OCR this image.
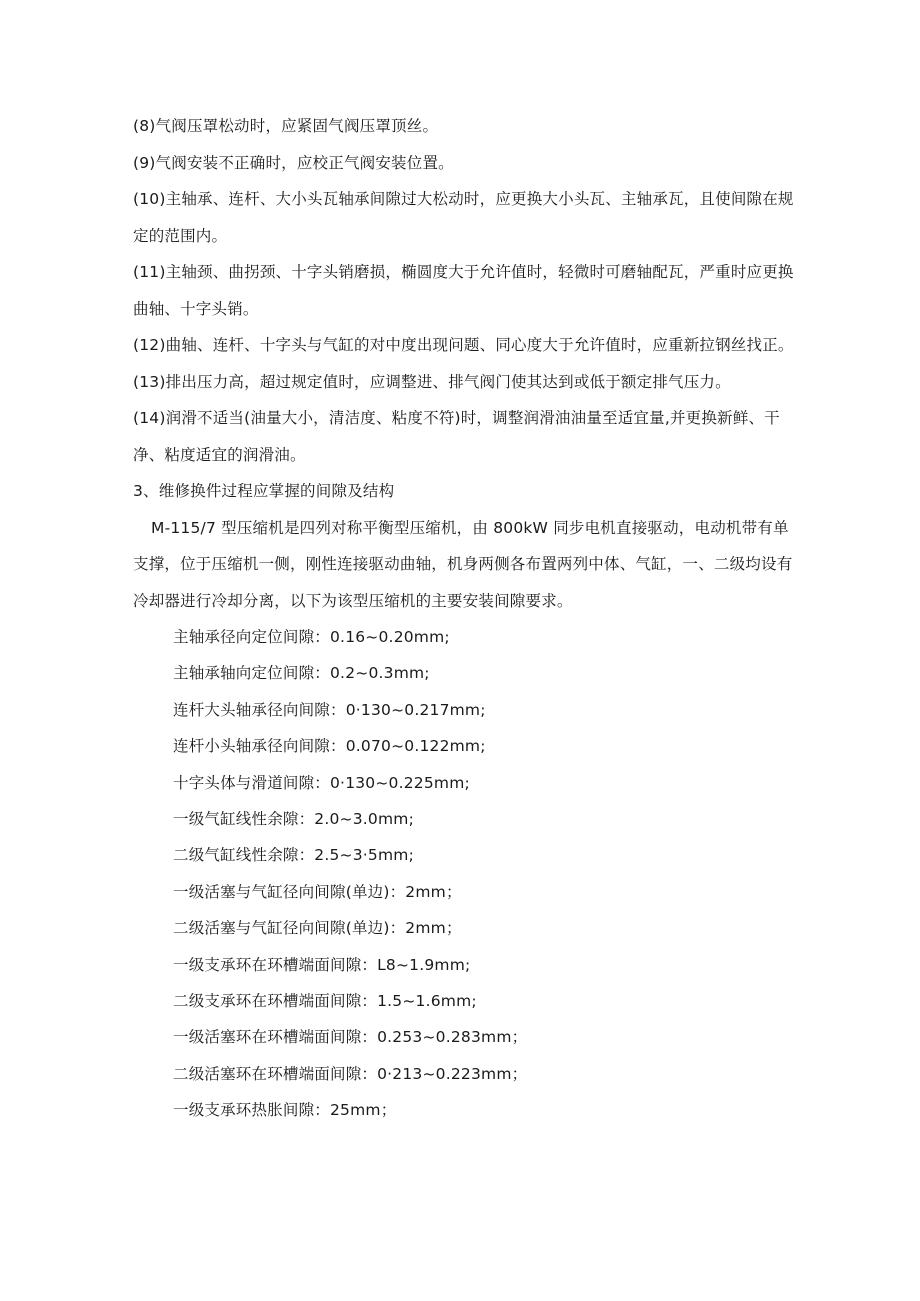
(8)气阀压罩松动时，应紧固气阀压罩顶丝。

(9)气阀安装不正确时，应校正气阀安装位置。

(10)主轴承、连杆、大小头瓦轴承间隙过大松动时，应更换大小头瓦、主轴承瓦，且使间隙在规定的范围内。

(11)主轴颈、曲拐颈、十字头销磨损，椭圆度大于允许值时，轻微时可磨轴配瓦，严重时应更换曲轴、十字头销。

(12)曲轴、连杆、十字头与气缸的对中度出现问题、同心度大于允许值时，应重新拉钢丝找正。

(13)排出压力高，超过规定值时，应调整进、排气阀门使其达到或低于额定排气压力。

(14)润滑不适当(油量大小，清洁度、粘度不符)时，调整润滑油油量至适宜量,并更换新鲜、干净、粘度适宜的润滑油。

3、维修换件过程应掌握的间隙及结构

M-115/7 型压缩机是四列对称平衡型压缩机，由 800kW 同步电机直接驱动，电动机带有单支撑，位于压缩机一侧，刚性连接驱动曲轴，机身两侧各布置两列中体、气缸，一、二级均设有冷却器进行冷却分离，以下为该型压缩机的主要安装间隙要求。

主轴承径向定位间隙：0.16~0.20mm;

主轴承轴向定位间隙：0.2~0.3mm;

连杆大头轴承径向间隙：0·130~0.217mm;

连杆小头轴承径向间隙：0.070~0.122mm;

十字头体与滑道间隙：0·130~0.225mm;

一级气缸线性余隙：2.0~3.0mm;

二级气缸线性余隙：2.5~3·5mm;

一级活塞与气缸径向间隙(单边)：2mm；

二级活塞与气缸径向间隙(单边)：2mm；

一级支承环在环槽端面间隙：L8~1.9mm;

二级支承环在环槽端面间隙：1.5~1.6mm;

一级活塞环在环槽端面间隙：0.253~0.283mm；

二级活塞环在环槽端面间隙：0·213~0.223mm；

一级支承环热胀间隙：25mm；
